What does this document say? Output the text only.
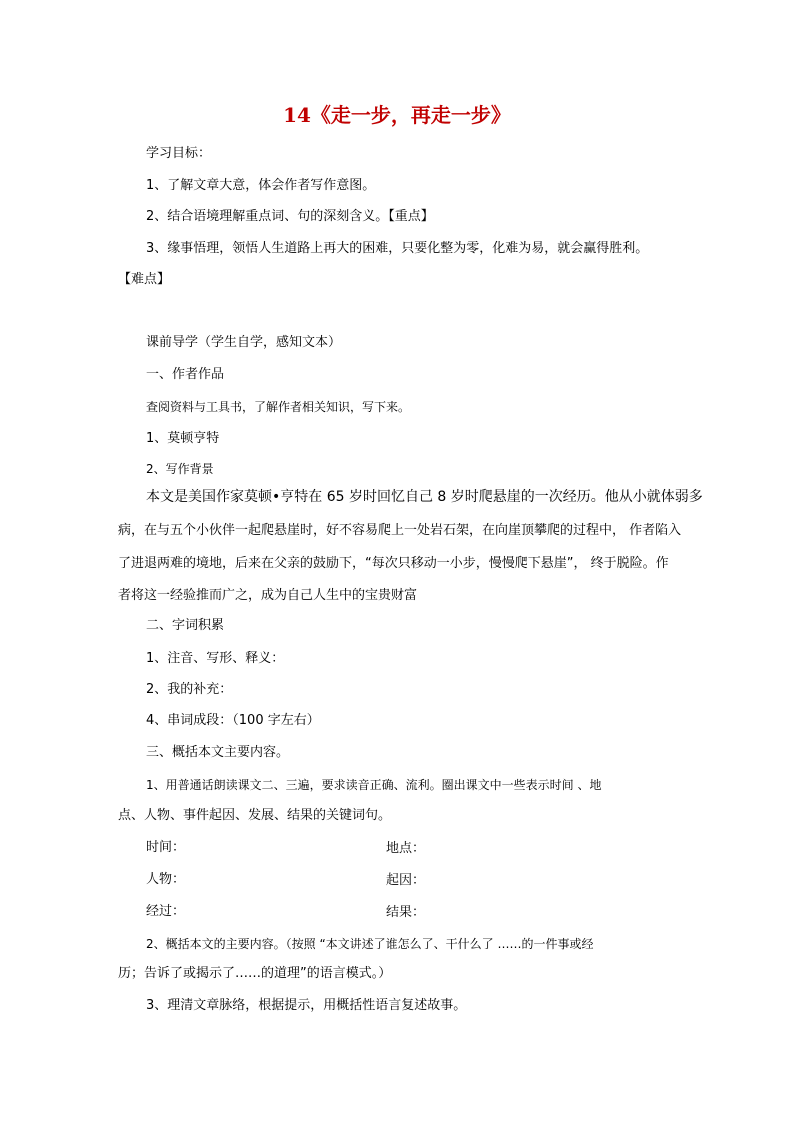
14《走一步，再走一步》
学习目标：
1、了解文章大意，体会作者写作意图。
2、结合语境理解重点词、句的深刻含义。【重点】
3、缘事悟理，领悟人生道路上再大的困难，只要化整为零，化难为易，就会赢得胜利。
【难点】
课前导学（学生自学，感知文本）
一、作者作品
查阅资料与工具书，了解作者相关知识，写下来。
1、莫顿亨特
2、写作背景
本文是美国作家莫顿•亨特在 65 岁时回忆自己 8 岁时爬悬崖的一次经历。他从小就体弱多
病，在与五个小伙伴一起爬悬崖时，好不容易爬上一处岩石架，在向崖顶攀爬的过程中， 作者陷入
了进退两难的境地，后来在父亲的鼓励下，“每次只移动一小步，慢慢爬下悬崖”， 终于脱险。作
者将这一经验推而广之，成为自己人生中的宝贵财富
二、字词积累
1、注音、写形、释义：
2、我的补充：
4、串词成段：（100 字左右）
三、概括本文主要内容。
1、用普通话朗读课文二、三遍，要求读音正确、流利。圈出课文中一些表示时间 、地
点、人物、事件起因、发展、结果的关键词句。
时间：	地点：
人物：	起因：
经过：	结果：
2、概括本文的主要内容。（按照 “本文讲述了谁怎么了、干什么了 ……的一件事或经
历；告诉了或揭示了……的道理”的语言模式。）
3、理清文章脉络，根据提示，用概括性语言复述故事。
